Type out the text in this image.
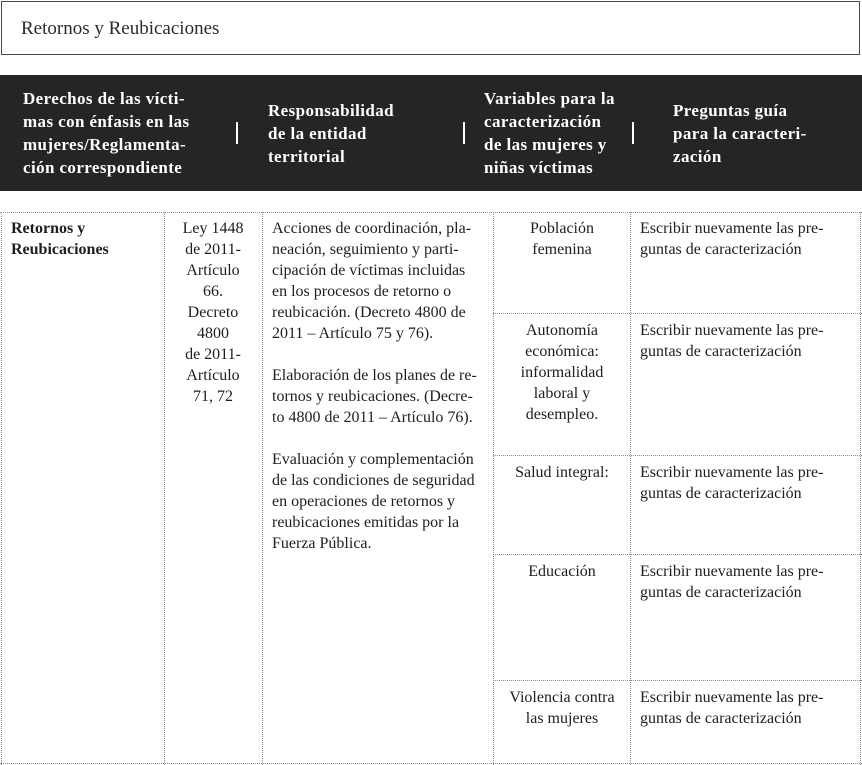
Retornos y Reubicaciones
Derechos de las vícti-
mas con énfasis en las
mujeres/Reglamenta-
ción correspondiente
Responsabilidad
de la entidad
territorial
Variables para la
caracterización
de las mujeres y
niñas víctimas
Preguntas guía
para la caracteri-
zación
Retornos y
Reubicaciones
Ley 1448
de 2011-
Artículo
66.
Decreto
4800
de 2011-
Artículo
71, 72
Acciones de coordinación, pla-
neación, seguimiento y parti-
cipación de víctimas incluidas
en los procesos de retorno o
reubicación. (Decreto 4800 de
2011 – Artículo 75 y 76).
Elaboración de los planes de re-
tornos y reubicaciones. (Decre-
to 4800 de 2011 – Artículo 76).
Evaluación y complementación
de las condiciones de seguridad
en operaciones de retornos y
reubicaciones emitidas por la
Fuerza Pública.
Población
femenina
Autonomía
económica:
informalidad
laboral y
desempleo.
Salud integral:
Educación
Violencia contra
las mujeres
Escribir nuevamente las pre-
guntas de caracterización
Escribir nuevamente las pre-
guntas de caracterización
Escribir nuevamente las pre-
guntas de caracterización
Escribir nuevamente las pre-
guntas de caracterización
Escribir nuevamente las pre-
guntas de caracterización
